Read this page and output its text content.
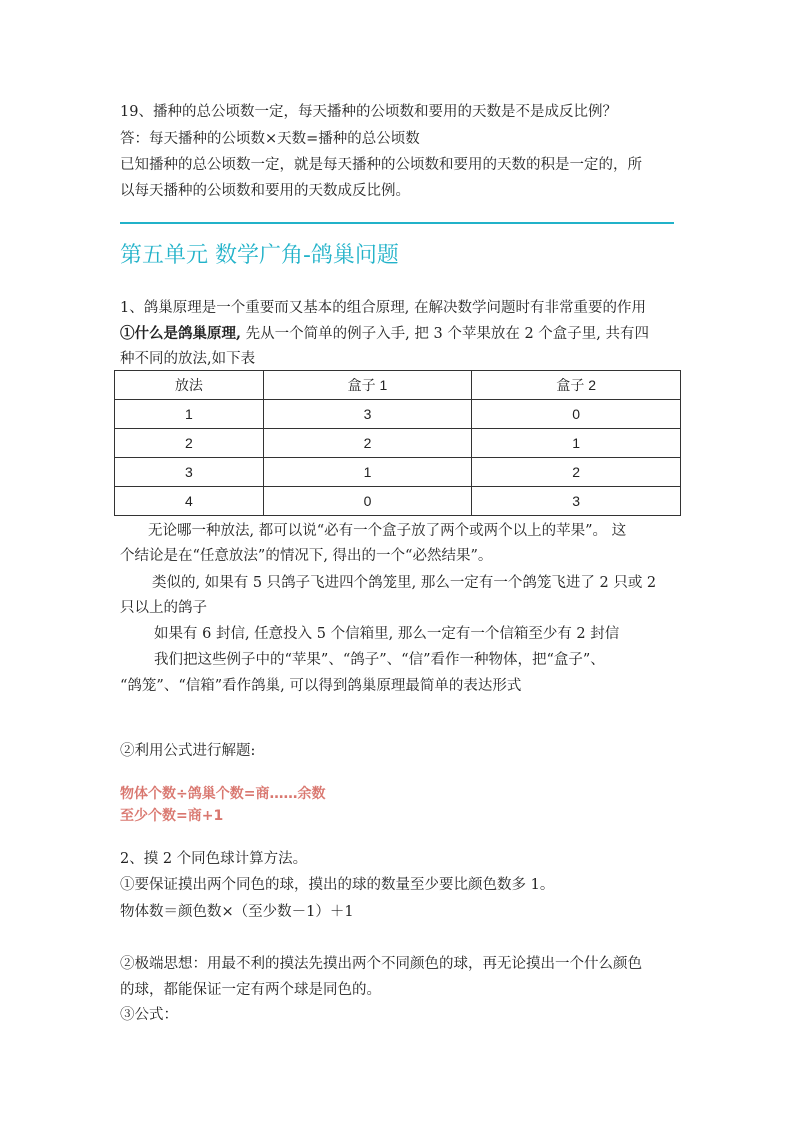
19、播种的总公顷数一定，每天播种的公顷数和要用的天数是不是成反比例？
答：每天播种的公顷数×天数=播种的总公顷数
已知播种的总公顷数一定，就是每天播种的公顷数和要用的天数的积是一定的，所
以每天播种的公顷数和要用的天数成反比例。
第五单元 数学广角-鸽巢问题
1、鸽巢原理是一个重要而又基本的组合原理, 在解决数学问题时有非常重要的作用
①什么是鸽巢原理, 先从一个简单的例子入手, 把 3 个苹果放在 2 个盒子里, 共有四
种不同的放法,如下表
放法	盒子 1	盒子 2
1	3	0
2	2	1
3	1	2
4	0	3
无论哪一种放法, 都可以说“必有一个盒子放了两个或两个以上的苹果”。 这
个结论是在“任意放法”的情况下, 得出的一个“必然结果”。
类似的, 如果有 5 只鸽子飞进四个鸽笼里, 那么一定有一个鸽笼飞进了 2 只或 2
只以上的鸽子
如果有 6 封信, 任意投入 5 个信箱里, 那么一定有一个信箱至少有 2 封信
我们把这些例子中的“苹果”、“鸽子”、“信”看作一种物体，把“盒子”、
“鸽笼”、“信箱”看作鸽巢, 可以得到鸽巢原理最简单的表达形式
②利用公式进行解题:
物体个数÷鸽巢个数=商……余数
至少个数=商+1
2、摸 2 个同色球计算方法。
①要保证摸出两个同色的球，摸出的球的数量至少要比颜色数多 1。
物体数＝颜色数×（至少数－1）＋1
②极端思想：用最不利的摸法先摸出两个不同颜色的球，再无论摸出一个什么颜色
的球，都能保证一定有两个球是同色的。
③公式：
